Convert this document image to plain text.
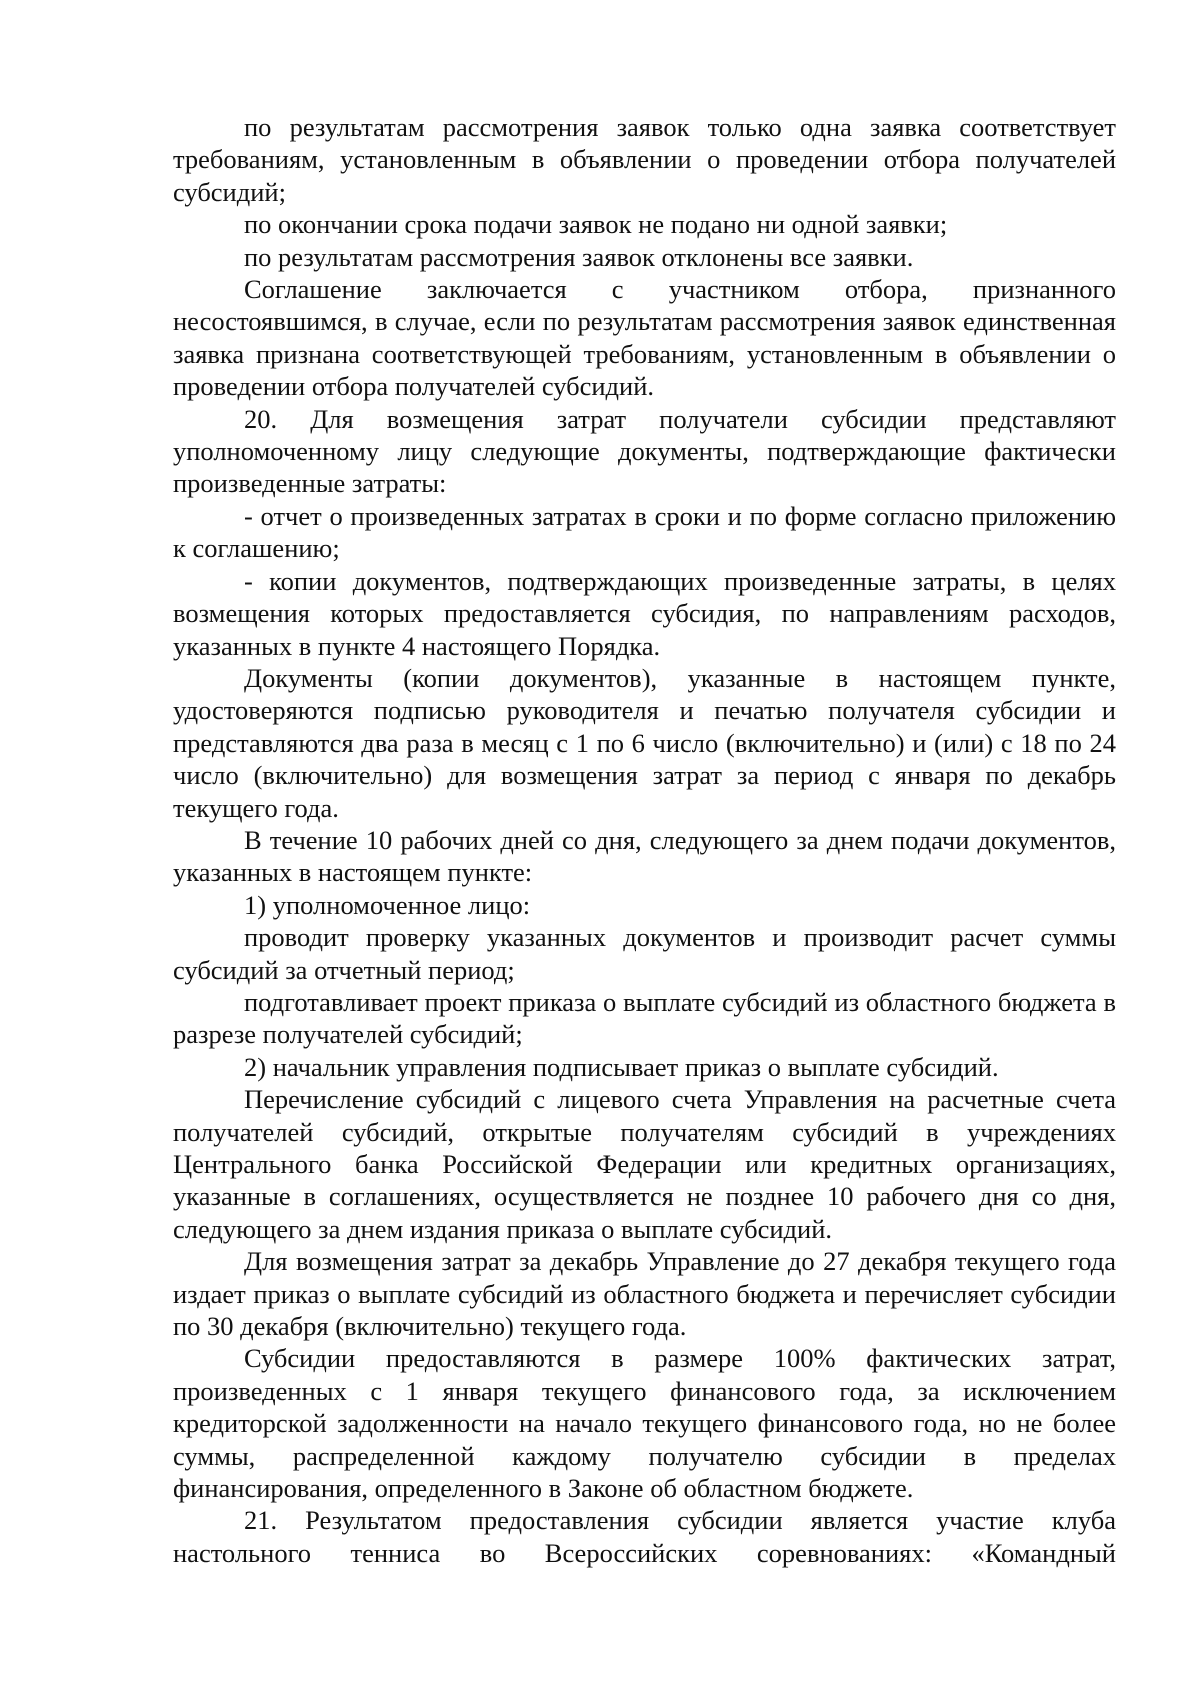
по результатам рассмотрения заявок только одна заявка соответствует требованиям, установленным в объявлении о проведении отбора получателей субсидий;

по окончании срока подачи заявок не подано ни одной заявки;

по результатам рассмотрения заявок отклонены все заявки.

Соглашение заключается с участником отбора, признанного несостоявшимся, в случае, если по результатам рассмотрения заявок единственная заявка признана соответствующей требованиям, установленным в объявлении о проведении отбора получателей субсидий.

20. Для возмещения затрат получатели субсидии представляют уполномоченному лицу следующие документы, подтверждающие фактически произведенные затраты:

- отчет о произведенных затратах в сроки и по форме согласно приложению к соглашению;

- копии документов, подтверждающих произведенные затраты, в целях возмещения которых предоставляется субсидия, по направлениям расходов, указанных в пункте 4 настоящего Порядка.

Документы (копии документов), указанные в настоящем пункте, удостоверяются подписью руководителя и печатью получателя субсидии и представляются два раза в месяц с 1 по 6 число (включительно) и (или) с 18 по 24 число (включительно) для возмещения затрат за период с января по декабрь текущего года.

В течение 10 рабочих дней со дня, следующего за днем подачи документов, указанных в настоящем пункте:

1) уполномоченное лицо:

проводит проверку указанных документов и производит расчет суммы субсидий за отчетный период;

подготавливает проект приказа о выплате субсидий из областного бюджета в разрезе получателей субсидий;

2) начальник управления подписывает приказ о выплате субсидий.

Перечисление субсидий с лицевого счета Управления на расчетные счета получателей субсидий, открытые получателям субсидий в учреждениях Центрального банка Российской Федерации или кредитных организациях, указанные в соглашениях, осуществляется не позднее 10 рабочего дня со дня, следующего за днем издания приказа о выплате субсидий.

Для возмещения затрат за декабрь Управление до 27 декабря текущего года издает приказ о выплате субсидий из областного бюджета и перечисляет субсидии по 30 декабря (включительно) текущего года.

Субсидии предоставляются в размере 100% фактических затрат, произведенных с 1 января текущего финансового года, за исключением кредиторской задолженности на начало текущего финансового года, но не более суммы, распределенной каждому получателю субсидии в пределах финансирования, определенного в Законе об областном бюджете.

21. Результатом предоставления субсидии является участие клуба настольного тенниса во Всероссийских соревнованиях: «Командный
